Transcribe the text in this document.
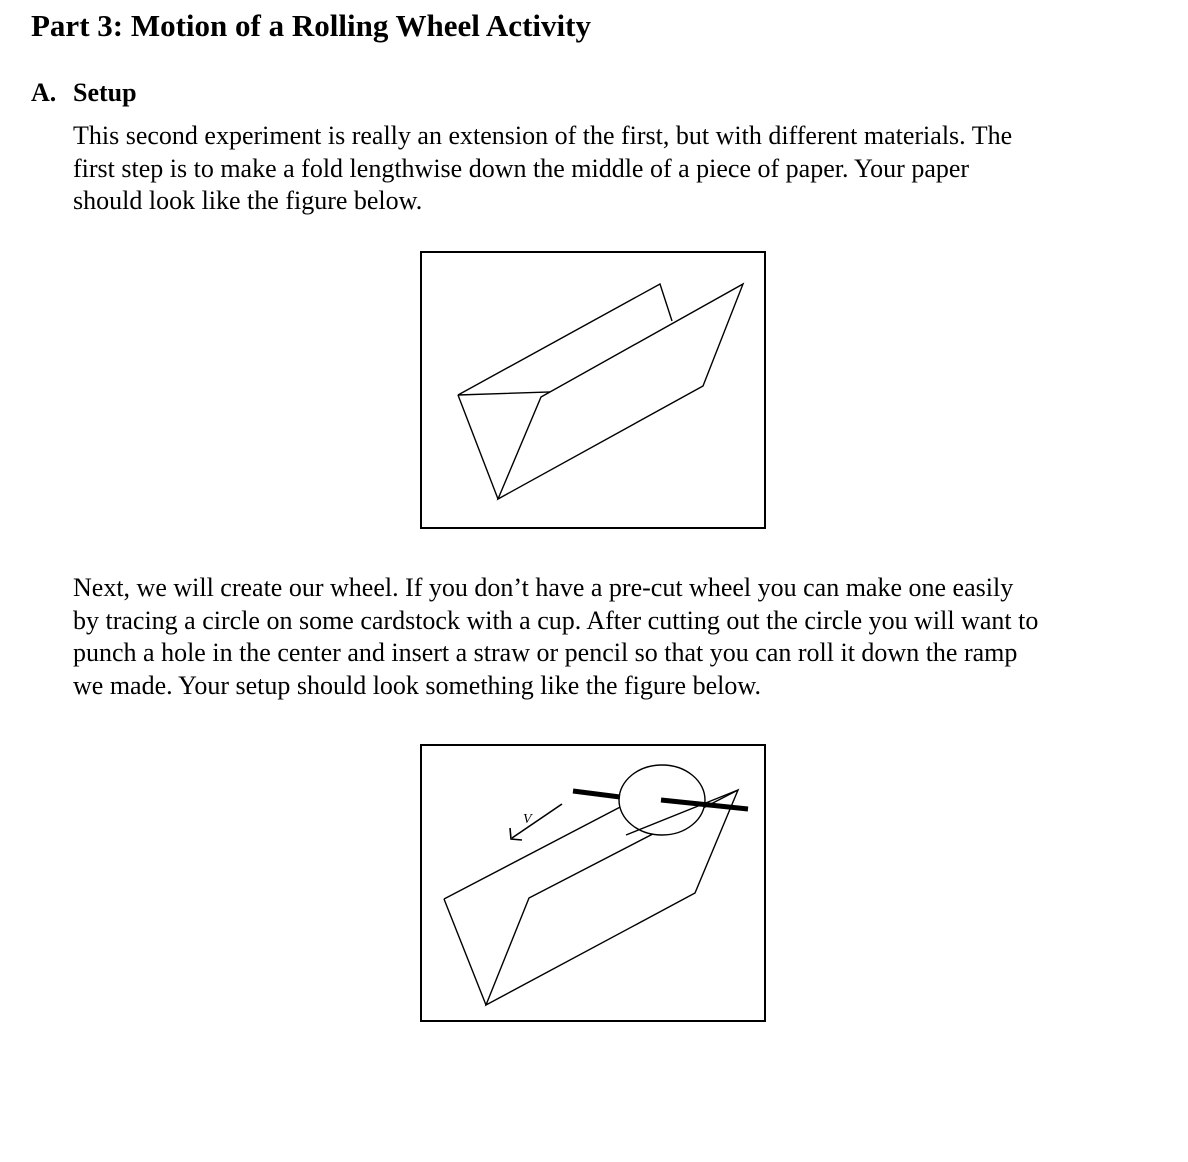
Part 3: Motion of a Rolling Wheel Activity
A. Setup

This second experiment is really an extension of the first, but with different materials. The
first step is to make a fold lengthwise down the middle of a piece of paper. Your paper
should look like the figure below.

Next, we will create our wheel. If you don’t have a pre-cut wheel you can make one easily
by tracing a circle on some cardstock with a cup. After cutting out the circle you will want to
punch a hole in the center and insert a straw or pencil so that you can roll it down the ramp
we made. Your setup should look something like the figure below.

V
